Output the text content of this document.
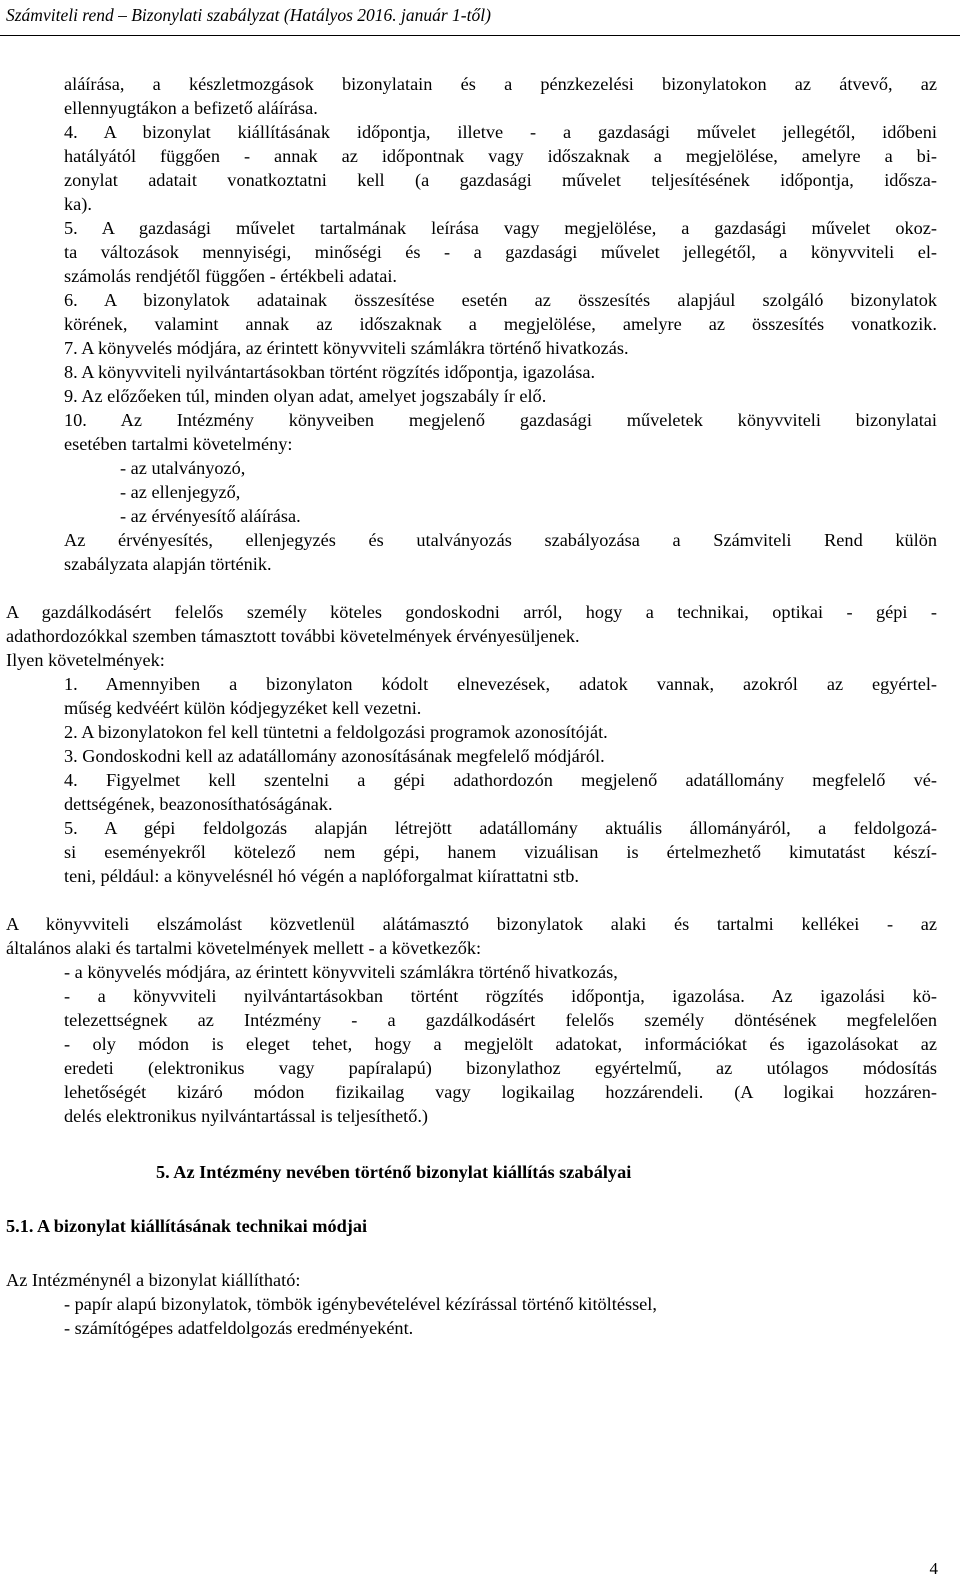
Számviteli rend – Bizonylati szabályzat (Hatályos 2016. január 1-től)

aláírása, a készletmozgások bizonylatain és a pénzkezelési bizonylatokon az átvevő, az

ellennyugtákon a befizető aláírása.

4. A bizonylat kiállításának időpontja, illetve - a gazdasági művelet jellegétől, időbeni

hatályától függően - annak az időpontnak vagy időszaknak a megjelölése, amelyre a bi-

zonylat adatait vonatkoztatni kell (a gazdasági művelet teljesítésének időpontja, idősza-

ka).

5. A gazdasági művelet tartalmának leírása vagy megjelölése, a gazdasági művelet okoz-

ta változások mennyiségi, minőségi és - a gazdasági művelet jellegétől, a könyvviteli el-

számolás rendjétől függően - értékbeli adatai.

6. A bizonylatok adatainak összesítése esetén az összesítés alapjául szolgáló bizonylatok

körének, valamint annak az időszaknak a megjelölése, amelyre az összesítés vonatkozik.

7. A könyvelés módjára, az érintett könyvviteli számlákra történő hivatkozás.

8. A könyvviteli nyilvántartásokban történt rögzítés időpontja, igazolása.

9. Az előzőeken túl, minden olyan adat, amelyet jogszabály ír elő.

10. Az Intézmény könyveiben megjelenő gazdasági műveletek könyvviteli bizonylatai

esetében tartalmi követelmény:

- az utalványozó,

- az ellenjegyző,

- az érvényesítő aláírása.

Az érvényesítés, ellenjegyzés és utalványozás szabályozása a Számviteli Rend külön

szabályzata alapján történik.

A gazdálkodásért felelős személy köteles gondoskodni arról, hogy a technikai, optikai - gépi -

adathordozókkal szemben támasztott további követelmények érvényesüljenek.

Ilyen követelmények:

1. Amennyiben a bizonylaton kódolt elnevezések, adatok vannak, azokról az egyértel-

műség kedvéért külön kódjegyzéket kell vezetni.

2. A bizonylatokon fel kell tüntetni a feldolgozási programok azonosítóját.

3. Gondoskodni kell az adatállomány azonosításának megfelelő módjáról.

4. Figyelmet kell szentelni a gépi adathordozón megjelenő adatállomány megfelelő vé-

dettségének, beazonosíthatóságának.

5. A gépi feldolgozás alapján létrejött adatállomány aktuális állományáról, a feldolgozá-

si eseményekről kötelező nem gépi, hanem vizuálisan is értelmezhető kimutatást készí-

teni, például: a könyvelésnél hó végén a naplóforgalmat kiírattatni stb.

A könyvviteli elszámolást közvetlenül alátámasztó bizonylatok alaki és tartalmi kellékei - az

általános alaki és tartalmi követelmények mellett - a következők:

- a könyvelés módjára, az érintett könyvviteli számlákra történő hivatkozás,

- a könyvviteli nyilvántartásokban történt rögzítés időpontja, igazolása. Az igazolási kö-

telezettségnek az Intézmény - a gazdálkodásért felelős személy döntésének megfelelően

- oly módon is eleget tehet, hogy a megjelölt adatokat, információkat és igazolásokat az

eredeti (elektronikus vagy papíralapú) bizonylathoz egyértelmű, az utólagos módosítás

lehetőségét kizáró módon fizikailag vagy logikailag hozzárendeli. (A logikai hozzáren-

delés elektronikus nyilvántartással is teljesíthető.)

5. Az Intézmény nevében történő bizonylat kiállítás szabályai

5.1. A bizonylat kiállításának technikai módjai

Az Intézménynél a bizonylat kiállítható:

- papír alapú bizonylatok, tömbök igénybevételével kézírással történő kitöltéssel,

- számítógépes adatfeldolgozás eredményeként.

4
